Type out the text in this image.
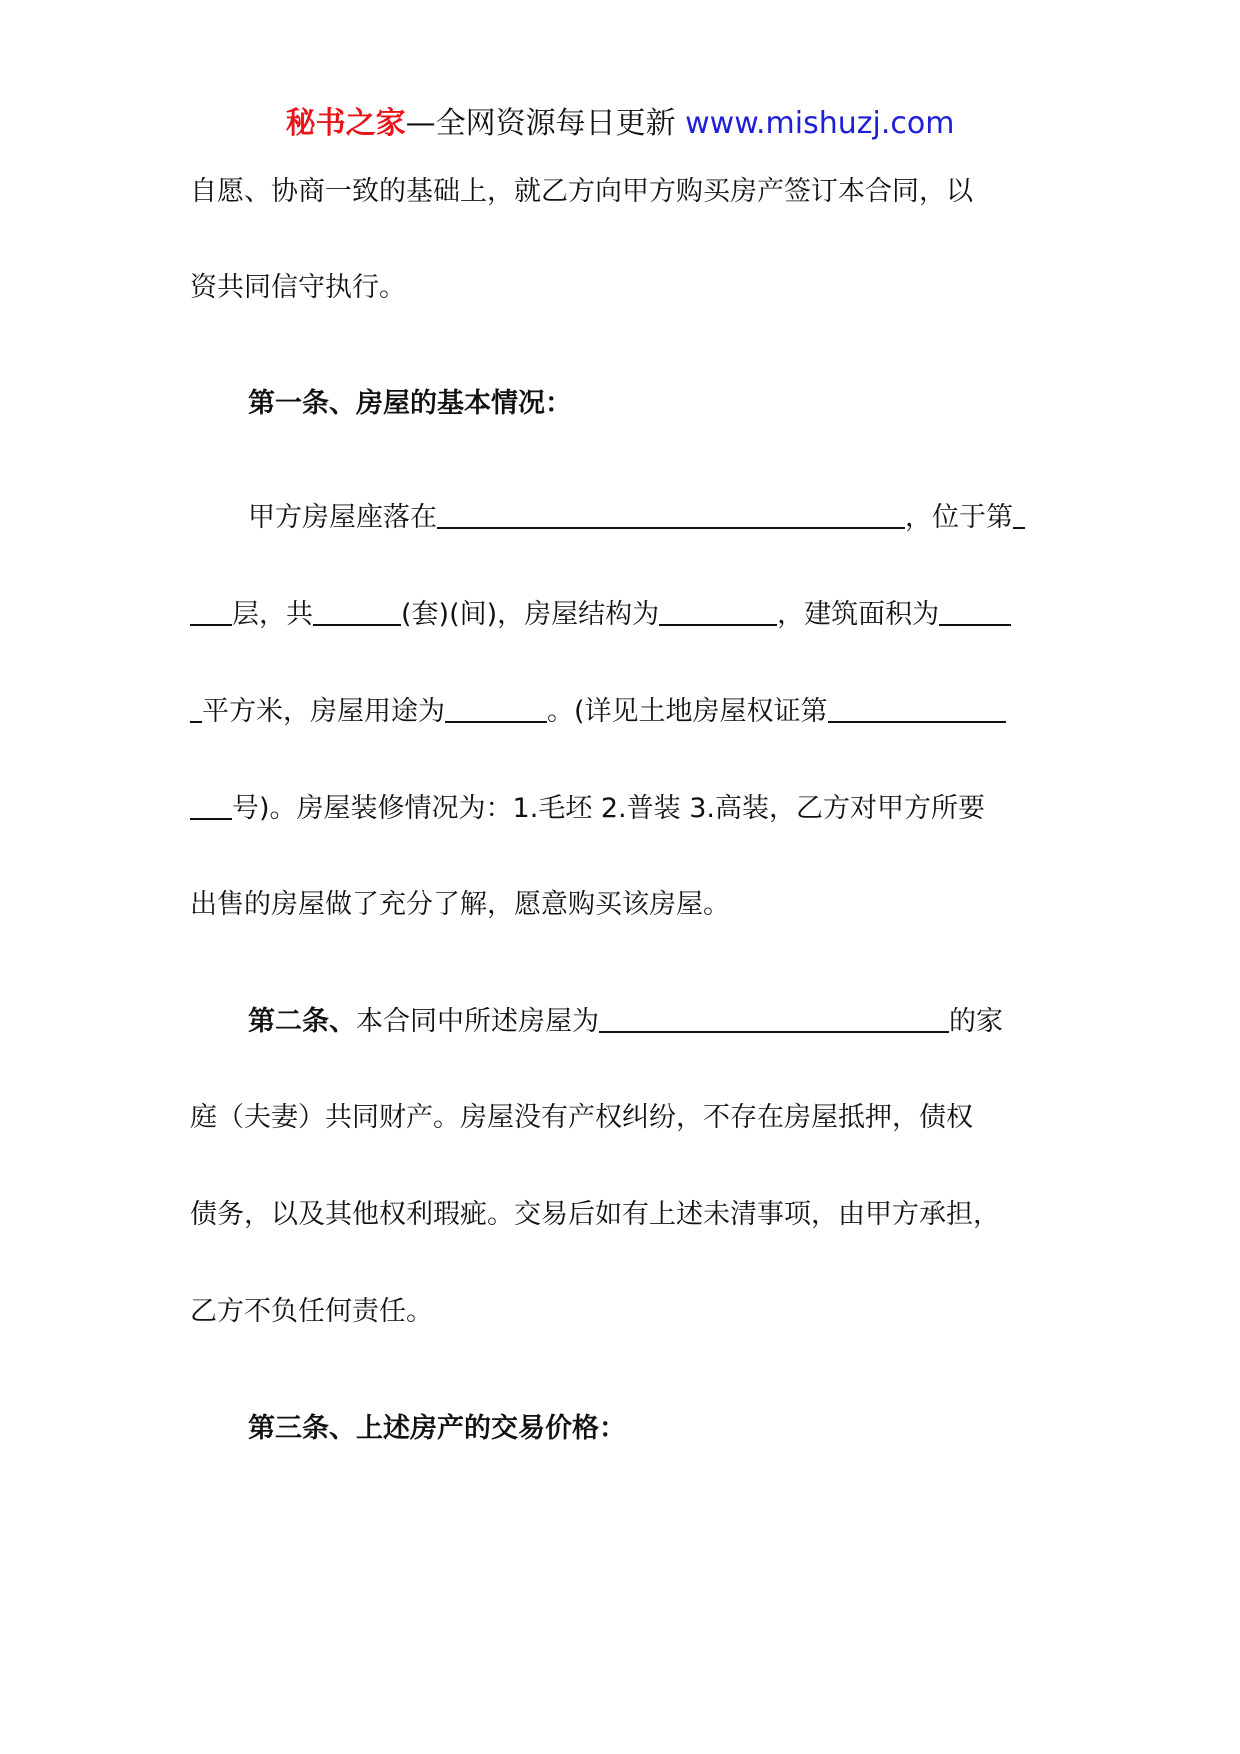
秘书之家—全网资源每日更新 www.mishuzj.com
自愿、协商一致的基础上，就乙方向甲方购买房产签订本合同，以
资共同信守执行。
第一条、房屋的基本情况：
甲方房屋座落在	，位于第
层，共	(套)(间)，房屋结构为	，建筑面积为
平方米，房屋用途为	。(详见土地房屋权证第
号)。房屋装修情况为：1.毛坯 2.普装 3.高装，乙方对甲方所要
出售的房屋做了充分了解，愿意购买该房屋。
第二条、本合同中所述房屋为	的家
庭（夫妻）共同财产。房屋没有产权纠纷，不存在房屋抵押，债权
债务，以及其他权利瑕疵。交易后如有上述未清事项，由甲方承担，
乙方不负任何责任。
第三条、上述房产的交易价格：
